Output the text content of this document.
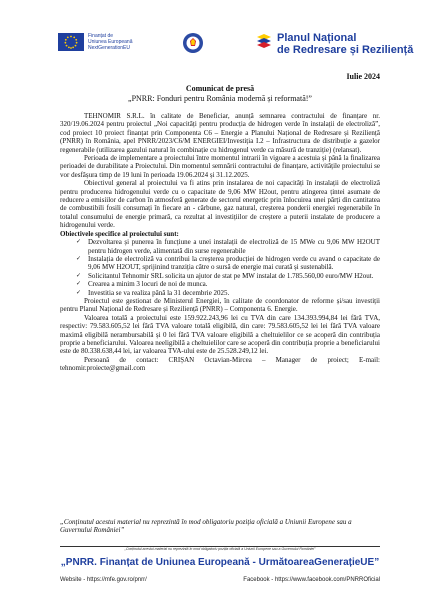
Finanțat de
Uniunea Europeană
NextGenerationEU
Planul Național
de Redresare și Reziliență
Iulie 2024
Comunicat de presă
„PNRR: Fonduri pentru România modernă și reformată!”

TEHNOMIR S.R.L. în calitate de Beneficiar, anunță semnarea contractului de finanțare nr. 320/19.06.2024 pentru proiectul „Noi capacități pentru producția de hidrogen verde în instalații de electroliză”, cod proiect 10 proiect finanțat prin Componenta C6 – Energie a Planului Național de Redresare și Reziliență (PNRR) în România, apel PNRR/2023/C6/M ENERGIEI/Investiția I.2 – Infrastructura de distribuție a gazelor regenerabile (utilizarea gazului natural în combinație cu hidrogenul verde ca măsură de tranziție) (relansat).

Perioada de implementare a proiectului între momentul intrarii în vigoare a acestuia și până la finalizarea perioadei de durabilitate a Proiectului. Din momentul semnării contractului de finanțare, activitățile proiectului se vor desfășura timp de 19 luni în perioada 19.06.2024 și 31.12.2025.

Obiectivul general al proiectului va fi atins prin instalarea de noi capacități în instalații de electroliză pentru producerea hidrogenului verde cu o capacitate de 9,06 MW H2out, pentru atingerea țintei asumate de reducere a emisiilor de carbon în atmosferă generate de sectorul energetic prin înlocuirea unei părți din cantitatea de combustibili fosili consumați în fiecare an - cărbune, gaz natural, creșterea ponderii energiei regenerabile în totalul consumului de energie primară, ca rezultat al investițiilor de creștere a puterii instalate de producere a hidrogenului verde.

Obiectivele specifice al proiectului sunt:
✓ Dezvoltarea și punerea în funcțiune a unei instalații de electroliză de 15 MWe cu 9,06 MW H2OUT pentru hidrogen verde, alimentată din surse regenerabile
✓ Instalația de electroliză va contribui la creșterea producției de hidrogen verde cu avand o capacitate de 9,06 MW H2OUT, sprijinind tranziția către o sursă de energie mai curată și sustenabilă.
✓ Solicitantul Tehnomir SRL solicita un ajutor de stat pe MW instalat de 1.785.560,00 euro/MW H2out.
✓ Crearea a minim 3 locuri de noi de munca.
✓ Investitia se va realiza până la 31 decembrie 2025.

Proiectul este gestionat de Ministerul Energiei, în calitate de coordonator de reforme și/sau investiții pentru Planul Național de Redresare și Reziliență (PNRR) – Componenta 6. Energie.

Valoarea totală a proiectului este 159.922.243,96 lei cu TVA din care 134.393.994,84 lei fără TVA, respectiv: 79.583.605,52 lei fără TVA valoare totală eligibilă, din care: 79.583.605,52 lei lei fără TVA valoare maximă eligibilă nerambursabilă și 0 lei fără TVA valoare eligibilă a cheltuielilor ce se acoperă din contribuția proprie a beneficiarului. Valoarea neeligibilă a cheltuielilor care se acoperă din contribuția proprie a beneficiarului este de 80.338.638,44 lei, iar valoarea TVA-ului este de 25.528.249,12 lei.

Persoană de contact: CRIȘAN Octavian-Mircea – Manager de proiect; E-mail: tehnomir.proiecte@gmail.com

„Conținutul acestui material nu reprezintă în mod obligatoriu poziția oficială a Uniunii Europene sau a Guvernului României”
„Conținutul acestui material nu reprezintă în mod obligatoriu poziția oficială a Uniunii Europene sau a Guvernului României”
„PNRR. Finanțat de Uniunea Europeană - UrmătoareaGenerațieUE”
Website - https://mfe.gov.ro/pnrr/	Facebook - https://www.facebook.com/PNRROficial
